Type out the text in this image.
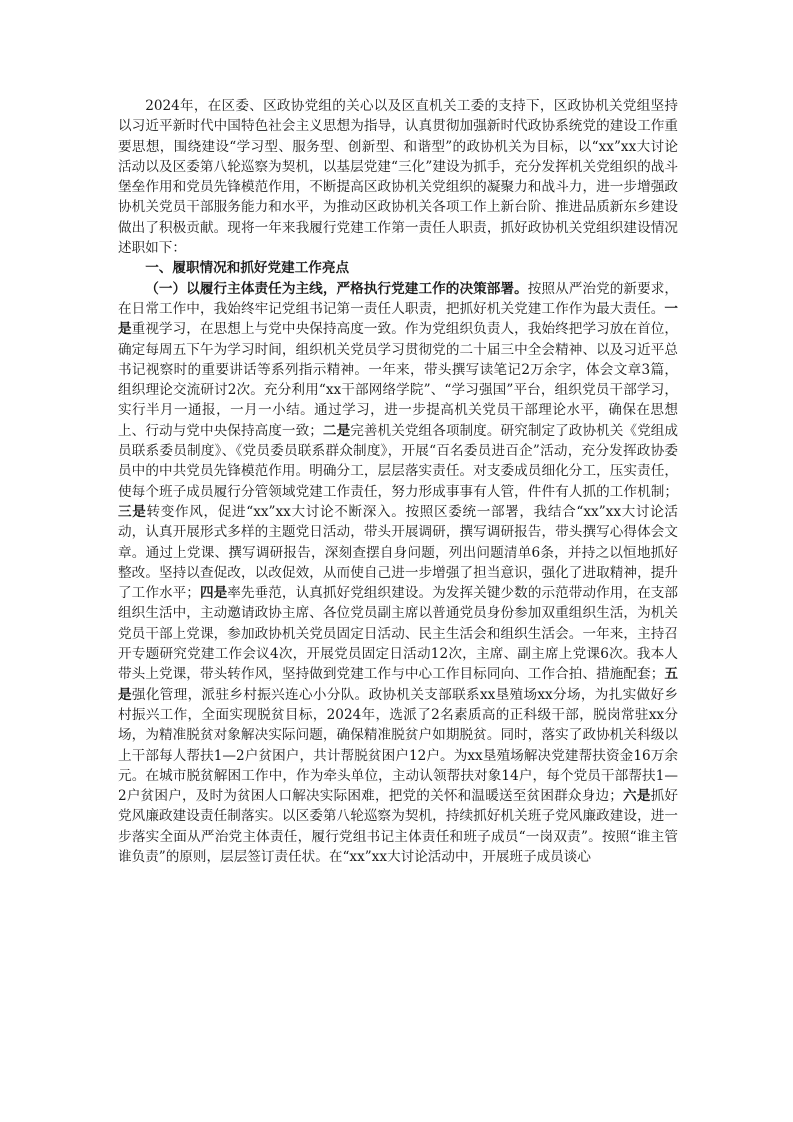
2024年，在区委、区政协党组的关心以及区直机关工委的支持下，区政协机关党组坚持以习近平新时代中国特色社会主义思想为指导，认真贯彻加强新时代政协系统党的建设工作重要思想，围绕建设“学习型、服务型、创新型、和谐型”的政协机关为目标，以“xx”xx大讨论活动以及区委第八轮巡察为契机，以基层党建“三化”建设为抓手，充分发挥机关党组织的战斗堡垒作用和党员先锋模范作用，不断提高区政协机关党组织的凝聚力和战斗力，进一步增强政协机关党员干部服务能力和水平，为推动区政协机关各项工作上新台阶、推进品质新东乡建设做出了积极贡献。现将一年来我履行党建工作第一责任人职责，抓好政协机关党组织建设情况述职如下：

一、履职情况和抓好党建工作亮点

（一）以履行主体责任为主线，严格执行党建工作的决策部署。按照从严治党的新要求，在日常工作中，我始终牢记党组书记第一责任人职责，把抓好机关党建工作作为最大责任。一是重视学习，在思想上与党中央保持高度一致。作为党组织负责人，我始终把学习放在首位，确定每周五下午为学习时间，组织机关党员学习贯彻党的二十届三中全会精神、以及习近平总书记视察时的重要讲话等系列指示精神。一年来，带头撰写读笔记2万余字，体会文章3篇，组织理论交流研讨2次。充分利用“xx干部网络学院”、“学习强国”平台，组织党员干部学习，实行半月一通报，一月一小结。通过学习，进一步提高机关党员干部理论水平，确保在思想上、行动与党中央保持高度一致；二是完善机关党组各项制度。研究制定了政协机关《党组成员联系委员制度》、《党员委员联系群众制度》，开展“百名委员进百企”活动，充分发挥政协委员中的中共党员先锋模范作用。明确分工，层层落实责任。对支委成员细化分工，压实责任，使每个班子成员履行分管领域党建工作责任，努力形成事事有人管，件件有人抓的工作机制；三是转变作风，促进“xx”xx大讨论不断深入。按照区委统一部署，我结合“xx”xx大讨论活动，认真开展形式多样的主题党日活动，带头开展调研，撰写调研报告，带头撰写心得体会文章。通过上党课、撰写调研报告，深刻查摆自身问题，列出问题清单6条，并持之以恒地抓好整改。坚持以查促改，以改促效，从而使自己进一步增强了担当意识，强化了进取精神，提升了工作水平；四是率先垂范，认真抓好党组织建设。为发挥关键少数的示范带动作用，在支部组织生活中，主动邀请政协主席、各位党员副主席以普通党员身份参加双重组织生活，为机关党员干部上党课，参加政协机关党员固定日活动、民主生活会和组织生活会。一年来，主持召开专题研究党建工作会议4次，开展党员固定日活动12次，主席、副主席上党课6次。我本人带头上党课，带头转作风，坚持做到党建工作与中心工作目标同向、工作合拍、措施配套；五是强化管理，派驻乡村振兴连心小分队。政协机关支部联系xx垦殖场xx分场，为扎实做好乡村振兴工作，全面实现脱贫目标，2024年，选派了2名素质高的正科级干部，脱岗常驻xx分场，为精准脱贫对象解决实际问题，确保精准脱贫户如期脱贫。同时，落实了政协机关科级以上干部每人帮扶1—2户贫困户，共计帮脱贫困户12户。为xx垦殖场解决党建帮扶资金16万余元。在城市脱贫解困工作中，作为牵头单位，主动认领帮扶对象14户，每个党员干部帮扶1—2户贫困户，及时为贫困人口解决实际困难，把党的关怀和温暖送至贫困群众身边；六是抓好党风廉政建设责任制落实。以区委第八轮巡察为契机，持续抓好机关班子党风廉政建设，进一步落实全面从严治党主体责任，履行党组书记主体责任和班子成员“一岗双责”。按照“谁主管谁负责”的原则，层层签订责任状。在“xx”xx大讨论活动中，开展班子成员谈心
